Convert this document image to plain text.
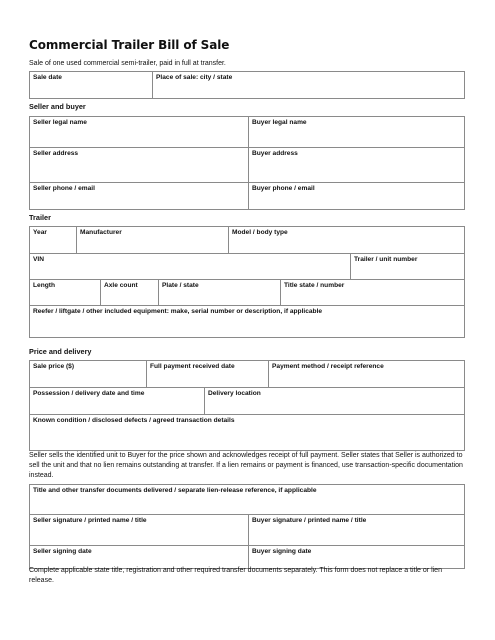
Commercial Trailer Bill of Sale
Sale of one used commercial semi-trailer, paid in full at transfer.
Sale date	Place of sale: city / state
Seller and buyer
Seller legal name	Buyer legal name
Seller address	Buyer address
Seller phone / email	Buyer phone / email
Trailer
Year	Manufacturer	Model / body type
VIN	Trailer / unit number
Length	Axle count	Plate / state	Title state / number
Reefer / liftgate / other included equipment: make, serial number or description, if applicable
Price and delivery
Sale price ($)	Full payment received date	Payment method / receipt reference
Possession / delivery date and time	Delivery location
Known condition / disclosed defects / agreed transaction details
Seller sells the identified unit to Buyer for the price shown and acknowledges receipt of full payment. Seller states that Seller is authorized to sell the unit and that no lien remains outstanding at transfer. If a lien remains or payment is financed, use transaction-specific documentation instead.
Title and other transfer documents delivered / separate lien-release reference, if applicable
Seller signature / printed name / title	Buyer signature / printed name / title
Seller signing date	Buyer signing date
Complete applicable state title, registration and other required transfer documents separately. This form does not replace a title or lien release.
